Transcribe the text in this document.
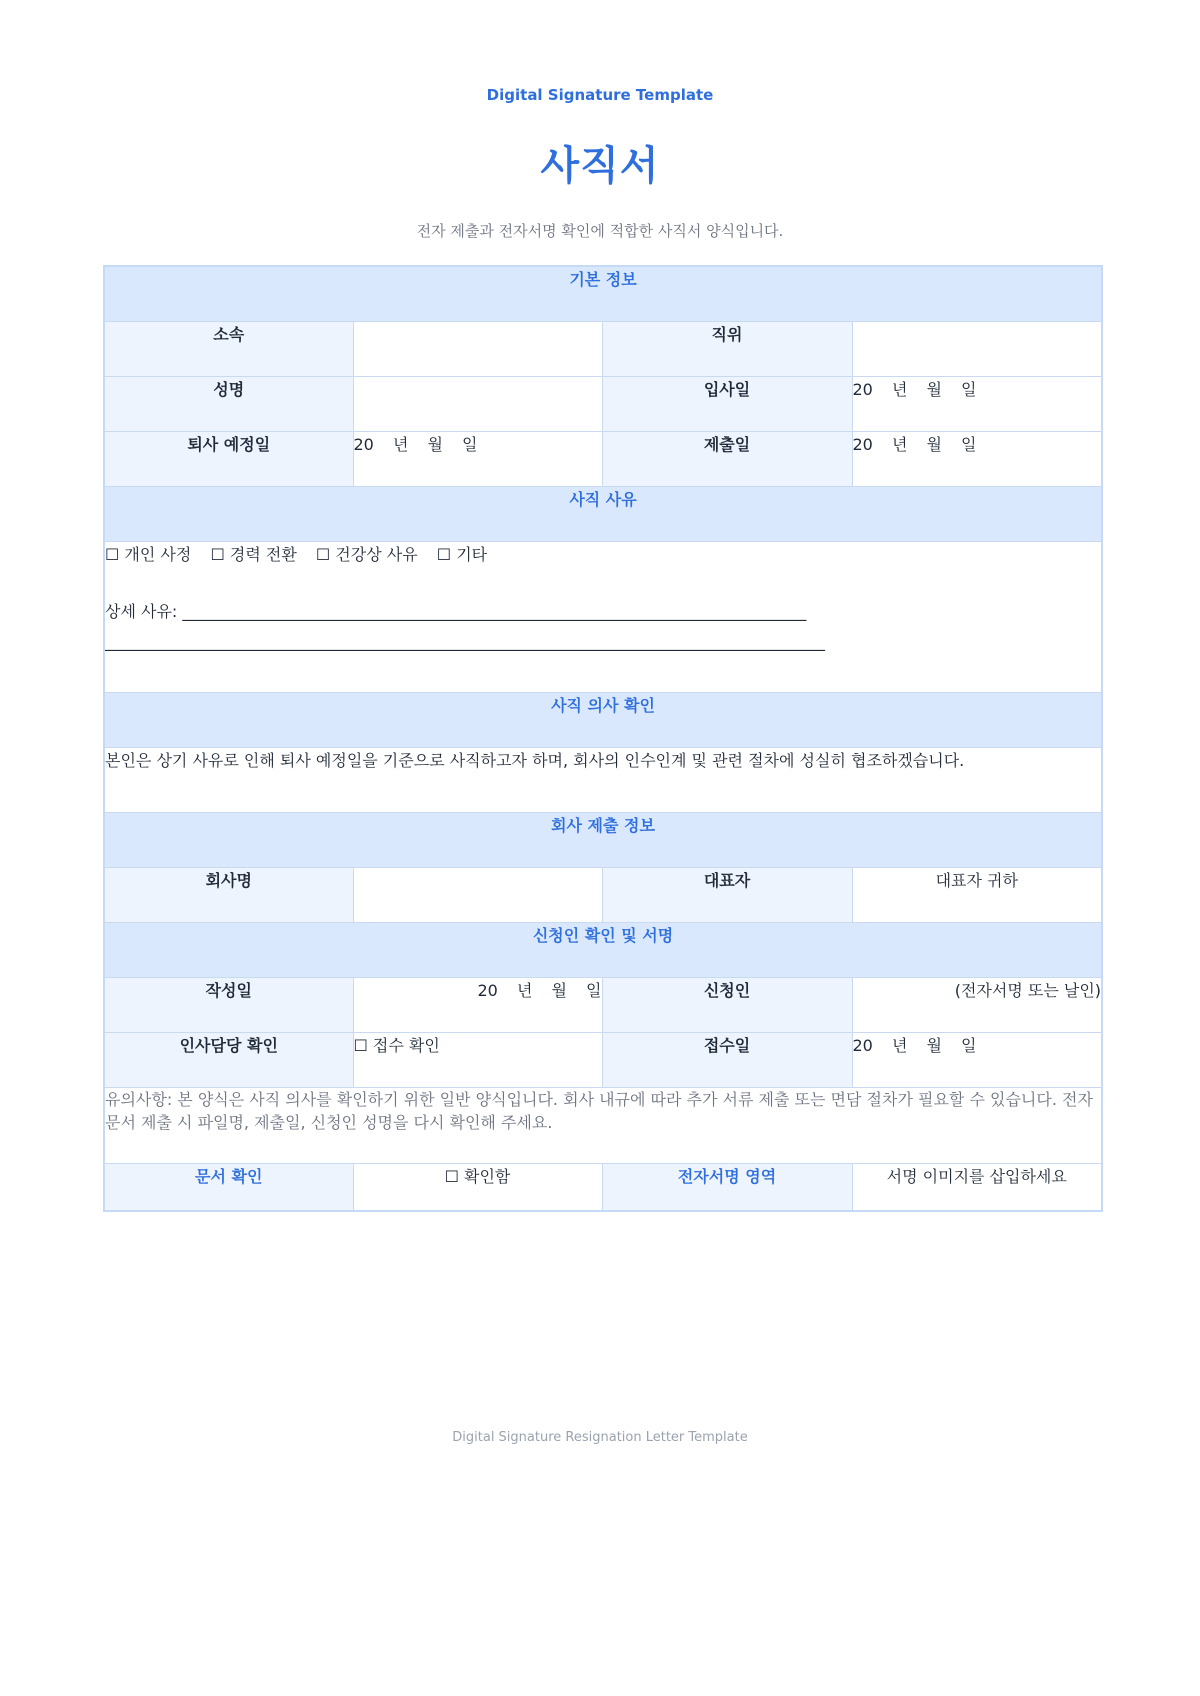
Digital Signature Template
사직서
전자 제출과 전자서명 확인에 적합한 사직서 양식입니다.
기본 정보			
소속		직위	
성명		입사일	20 년 월 일
퇴사 예정일	20 년 월 일	제출일	20 년 월 일
사직 사유			

☐ 개인 사정 ☐ 경력 전환 ☐ 건강상 사유 ☐ 기타
상세 사유: ______________________________________________________________________________
__________________________________________________________________________________________			

사직 의사 확인			
본인은 상기 사유로 인해 퇴사 예정일을 기준으로 사직하고자 하며, 회사의 인수인계 및 관련 절차에 성실히 협조하겠습니다.			
회사 제출 정보			
회사명		대표자	대표자 귀하
신청인 확인 및 서명			
작성일	20 년 월 일	신청인	(전자서명 또는 날인)
인사담당 확인	☐ 접수 확인	접수일	20 년 월 일
유의사항: 본 양식은 사직 의사를 확인하기 위한 일반 양식입니다. 회사 내규에 따라 추가 서류 제출 또는 면담 절차가 필요할 수 있습니다. 전자문서 제출 시 파일명, 제출일, 신청인 성명을 다시 확인해 주세요.			
문서 확인	☐ 확인함	전자서명 영역	서명 이미지를 삽입하세요
Digital Signature Resignation Letter Template
